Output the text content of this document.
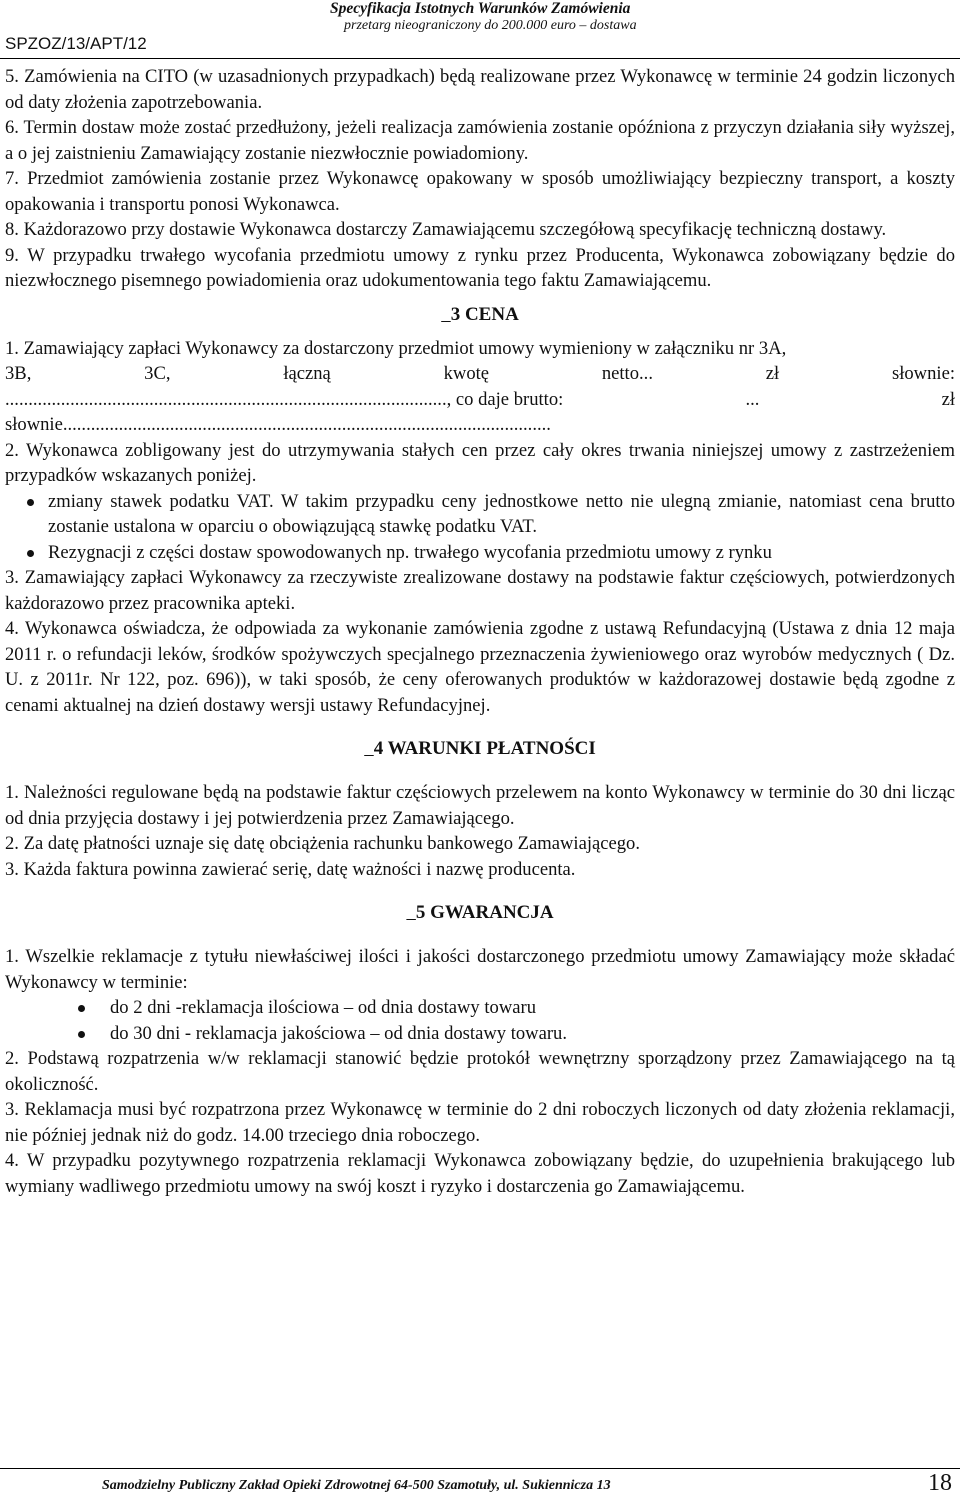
SPZOZ/13/APT/12
Specyfikacja Istotnych Warunków Zamówienia
przetarg nieograniczony do 200.000 euro – dostawa

5. Zamówienia na CITO (w uzasadnionych przypadkach) będą realizowane przez Wykonawcę w terminie 24 godzin liczonych od daty złożenia zapotrzebowania.

6. Termin dostaw może zostać przedłużony, jeżeli realizacja zamówienia zostanie opóźniona z przyczyn działania siły wyższej, a o jej zaistnieniu Zamawiający zostanie niezwłocznie powiadomiony.

7. Przedmiot zamówienia zostanie przez Wykonawcę opakowany w sposób umożliwiający bezpieczny transport, a koszty opakowania i transportu ponosi Wykonawca.

8. Każdorazowo przy dostawie Wykonawca dostarczy Zamawiającemu szczegółową specyfikację techniczną dostawy.

9. W przypadku trwałego wycofania przedmiotu umowy z rynku przez Producenta, Wykonawca zobowiązany będzie do niezwłocznego pisemnego powiadomienia oraz udokumentowania tego faktu Zamawiającemu.

3 CENA

1. Zamawiający zapłaci Wykonawcy za dostarczony przedmiot umowy wymieniony w załączniku nr 3A,

3B,	3C,	łączną	kwotę	netto...	zł	słownie:
..............................................................................................., co daje brutto:	...	zł

słownie.........................................................................................................

2. Wykonawca zobligowany jest do utrzymywania stałych cen przez cały okres trwania niniejszej umowy z zastrzeżeniem przypadków wskazanych poniżej.

zmiany stawek podatku VAT. W takim przypadku ceny jednostkowe netto nie ulegną zmianie, natomiast cena brutto zostanie ustalona w oparciu o obowiązującą stawkę podatku VAT.
Rezygnacji z części dostaw spowodowanych np. trwałego wycofania przedmiotu umowy z rynku

3. Zamawiający zapłaci Wykonawcy za rzeczywiste zrealizowane dostawy na podstawie faktur częściowych, potwierdzonych każdorazowo przez pracownika apteki.

4. Wykonawca oświadcza, że odpowiada za wykonanie zamówienia zgodne z ustawą Refundacyjną (Ustawa z dnia 12 maja 2011 r. o refundacji leków, środków spożywczych specjalnego przeznaczenia żywieniowego oraz wyrobów medycznych ( Dz. U. z 2011r. Nr 122, poz. 696)), w taki sposób, że ceny oferowanych produktów w każdorazowej dostawie będą zgodne z cenami aktualnej na dzień dostawy wersji ustawy Refundacyjnej.

4 WARUNKI PŁATNOŚCI

1. Należności regulowane będą na podstawie faktur częściowych przelewem na konto Wykonawcy w terminie do 30 dni licząc od dnia przyjęcia dostawy i jej potwierdzenia przez Zamawiającego.

2. Za datę płatności uznaje się datę obciążenia rachunku bankowego Zamawiającego.

3. Każda faktura powinna zawierać serię, datę ważności i nazwę producenta.

5 GWARANCJA

1. Wszelkie reklamacje z tytułu niewłaściwej ilości i jakości dostarczonego przedmiotu umowy Zamawiający może składać Wykonawcy w terminie:

do 2 dni -reklamacja ilościowa – od dnia dostawy towaru
do 30 dni - reklamacja jakościowa – od dnia dostawy towaru.

2. Podstawą rozpatrzenia w/w reklamacji stanowić będzie protokół wewnętrzny sporządzony przez Zamawiającego na tą okoliczność.

3. Reklamacja musi być rozpatrzona przez Wykonawcę w terminie do 2 dni roboczych liczonych od daty złożenia reklamacji, nie później jednak niż do godz. 14.00 trzeciego dnia roboczego.

4. W przypadku pozytywnego rozpatrzenia reklamacji Wykonawca zobowiązany będzie, do uzupełnienia brakującego lub wymiany wadliwego przedmiotu umowy na swój koszt i ryzyko i dostarczenia go Zamawiającemu.

Samodzielny Publiczny Zakład Opieki Zdrowotnej 64-500 Szamotuły, ul. Sukiennicza 13	18
